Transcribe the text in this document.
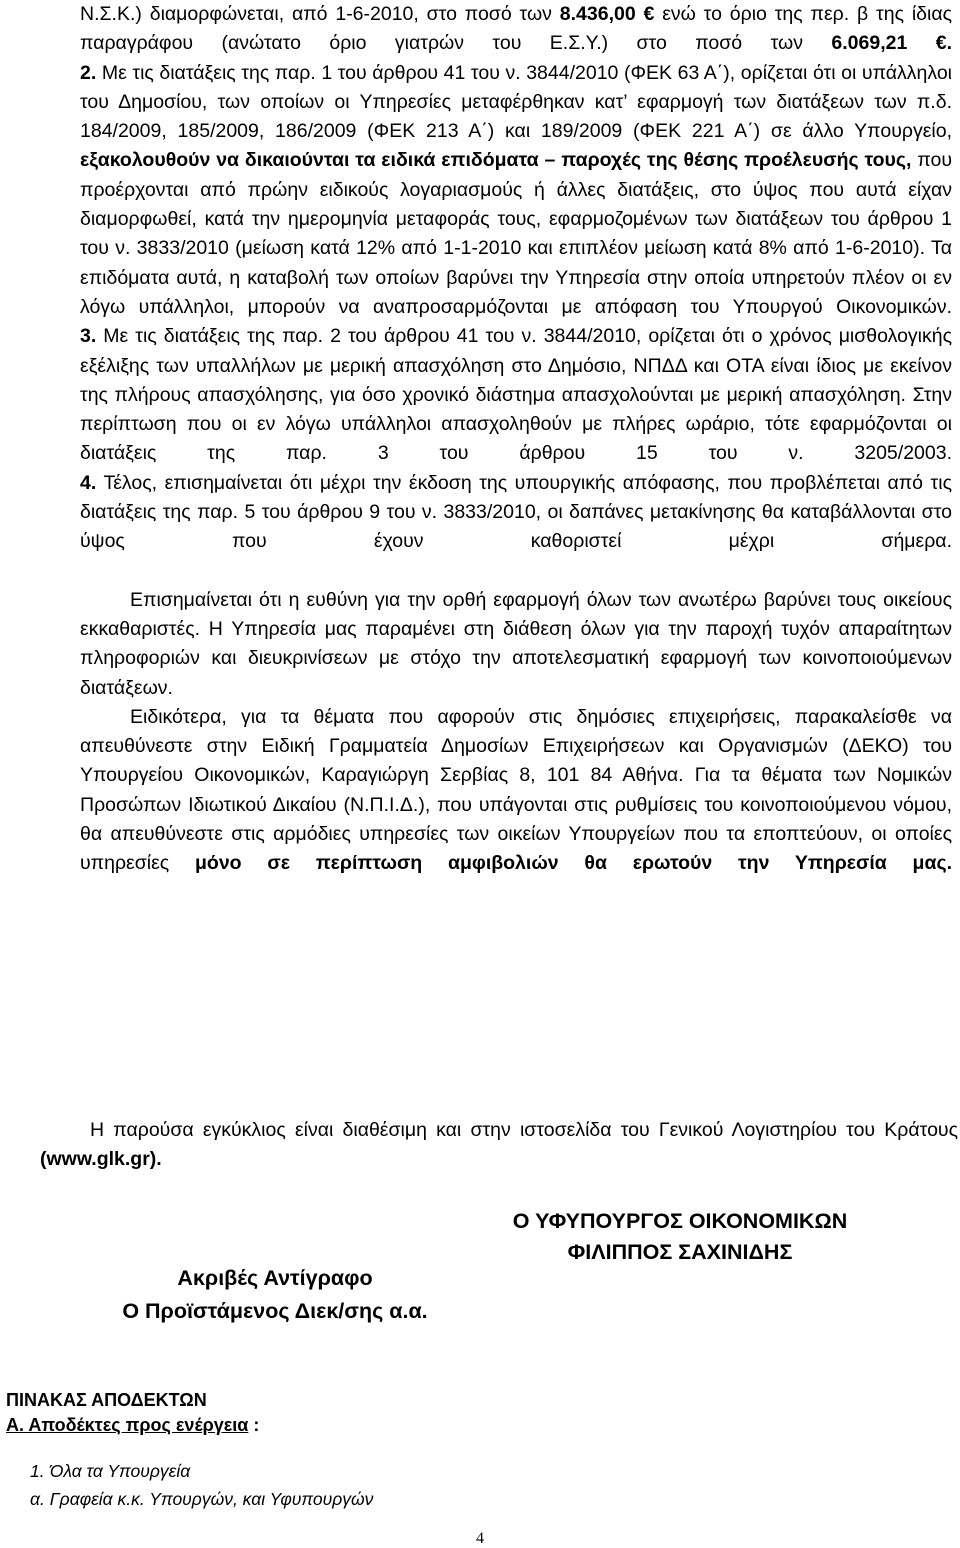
Ν.Σ.Κ.) διαμορφώνεται, από 1-6-2010, στο ποσό των 8.436,00 € ενώ το όριο της περ. β της ίδιας παραγράφου (ανώτατο όριο γιατρών του Ε.Σ.Υ.) στο ποσό των 6.069,21 €.

2. Με τις διατάξεις της παρ. 1 του άρθρου 41 του ν. 3844/2010 (ΦΕΚ 63 Α΄), ορίζεται ότι οι υπάλληλοι του Δημοσίου, των οποίων οι Υπηρεσίες μεταφέρθηκαν κατ’ εφαρμογή των διατάξεων των π.δ. 184/2009, 185/2009, 186/2009 (ΦΕΚ 213 Α΄) και 189/2009 (ΦΕΚ 221 Α΄) σε άλλο Υπουργείο, εξακολουθούν να δικαιούνται τα ειδικά επιδόματα – παροχές της θέσης προέλευσής τους, που προέρχονται από πρώην ειδικούς λογαριασμούς ή άλλες διατάξεις, στο ύψος που αυτά είχαν διαμορφωθεί, κατά την ημερομηνία μεταφοράς τους, εφαρμοζομένων των διατάξεων του άρθρου 1 του ν. 3833/2010 (μείωση κατά 12% από 1-1-2010 και επιπλέον μείωση κατά 8% από 1-6-2010). Τα επιδόματα αυτά, η καταβολή των οποίων βαρύνει την Υπηρεσία στην οποία υπηρετούν πλέον οι εν λόγω υπάλληλοι, μπορούν να αναπροσαρμόζονται με απόφαση του Υπουργού Οικονομικών.

3. Με τις διατάξεις της παρ. 2 του άρθρου 41 του ν. 3844/2010, ορίζεται ότι ο χρόνος μισθολογικής εξέλιξης των υπαλλήλων με μερική απασχόληση στο Δημόσιο, ΝΠΔΔ και ΟΤΑ είναι ίδιος με εκείνον της πλήρους απασχόλησης, για όσο χρονικό διάστημα απασχολούνται με μερική απασχόληση. Στην περίπτωση που οι εν λόγω υπάλληλοι απασχοληθούν με πλήρες ωράριο, τότε εφαρμόζονται οι διατάξεις της παρ. 3 του άρθρου 15 του ν. 3205/2003.

4. Τέλος, επισημαίνεται ότι μέχρι την έκδοση της υπουργικής απόφασης, που προβλέπεται από τις διατάξεις της παρ. 5 του άρθρου 9 του ν. 3833/2010, οι δαπάνες μετακίνησης θα καταβάλλονται στο ύψος που έχουν καθοριστεί μέχρι σήμερα.

Επισημαίνεται ότι η ευθύνη για την ορθή εφαρμογή όλων των ανωτέρω βαρύνει τους οικείους εκκαθαριστές. Η Υπηρεσία μας παραμένει στη διάθεση όλων για την παροχή τυχόν απαραίτητων πληροφοριών και διευκρινίσεων με στόχο την αποτελεσματική εφαρμογή των κοινοποιούμενων διατάξεων.

Ειδικότερα, για τα θέματα που αφορούν στις δημόσιες επιχειρήσεις, παρακαλείσθε να απευθύνεστε στην Ειδική Γραμματεία Δημοσίων Επιχειρήσεων και Οργανισμών (ΔΕΚΟ) του Υπουργείου Οικονομικών, Καραγιώργη Σερβίας 8, 101 84 Αθήνα. Για τα θέματα των Νομικών Προσώπων Ιδιωτικού Δικαίου (Ν.Π.Ι.Δ.), που υπάγονται στις ρυθμίσεις του κοινοποιούμενου νόμου, θα απευθύνεστε στις αρμόδιες υπηρεσίες των οικείων Υπουργείων που τα εποπτεύουν, οι οποίες υπηρεσίες μόνο σε περίπτωση αμφιβολιών θα ερωτούν την Υπηρεσία μας.

Η παρούσα εγκύκλιος είναι διαθέσιμη και στην ιστοσελίδα του Γενικού Λογιστηρίου του Κράτους (www.glk.gr).

Ο ΥΦΥΠΟΥΡΓΟΣ ΟΙΚΟΝΟΜΙΚΩΝ
ΦΙΛΙΠΠΟΣ ΣΑΧΙΝΙΔΗΣ
Ακριβές Αντίγραφο
Ο Προϊστάμενος Διεκ/σης α.α.
ΠΙΝΑΚΑΣ ΑΠΟΔΕΚΤΩΝ
Α. Αποδέκτες προς ενέργεια :
1. Όλα τα Υπουργεία
α. Γραφεία κ.κ. Υπουργών, και Υφυπουργών
4
